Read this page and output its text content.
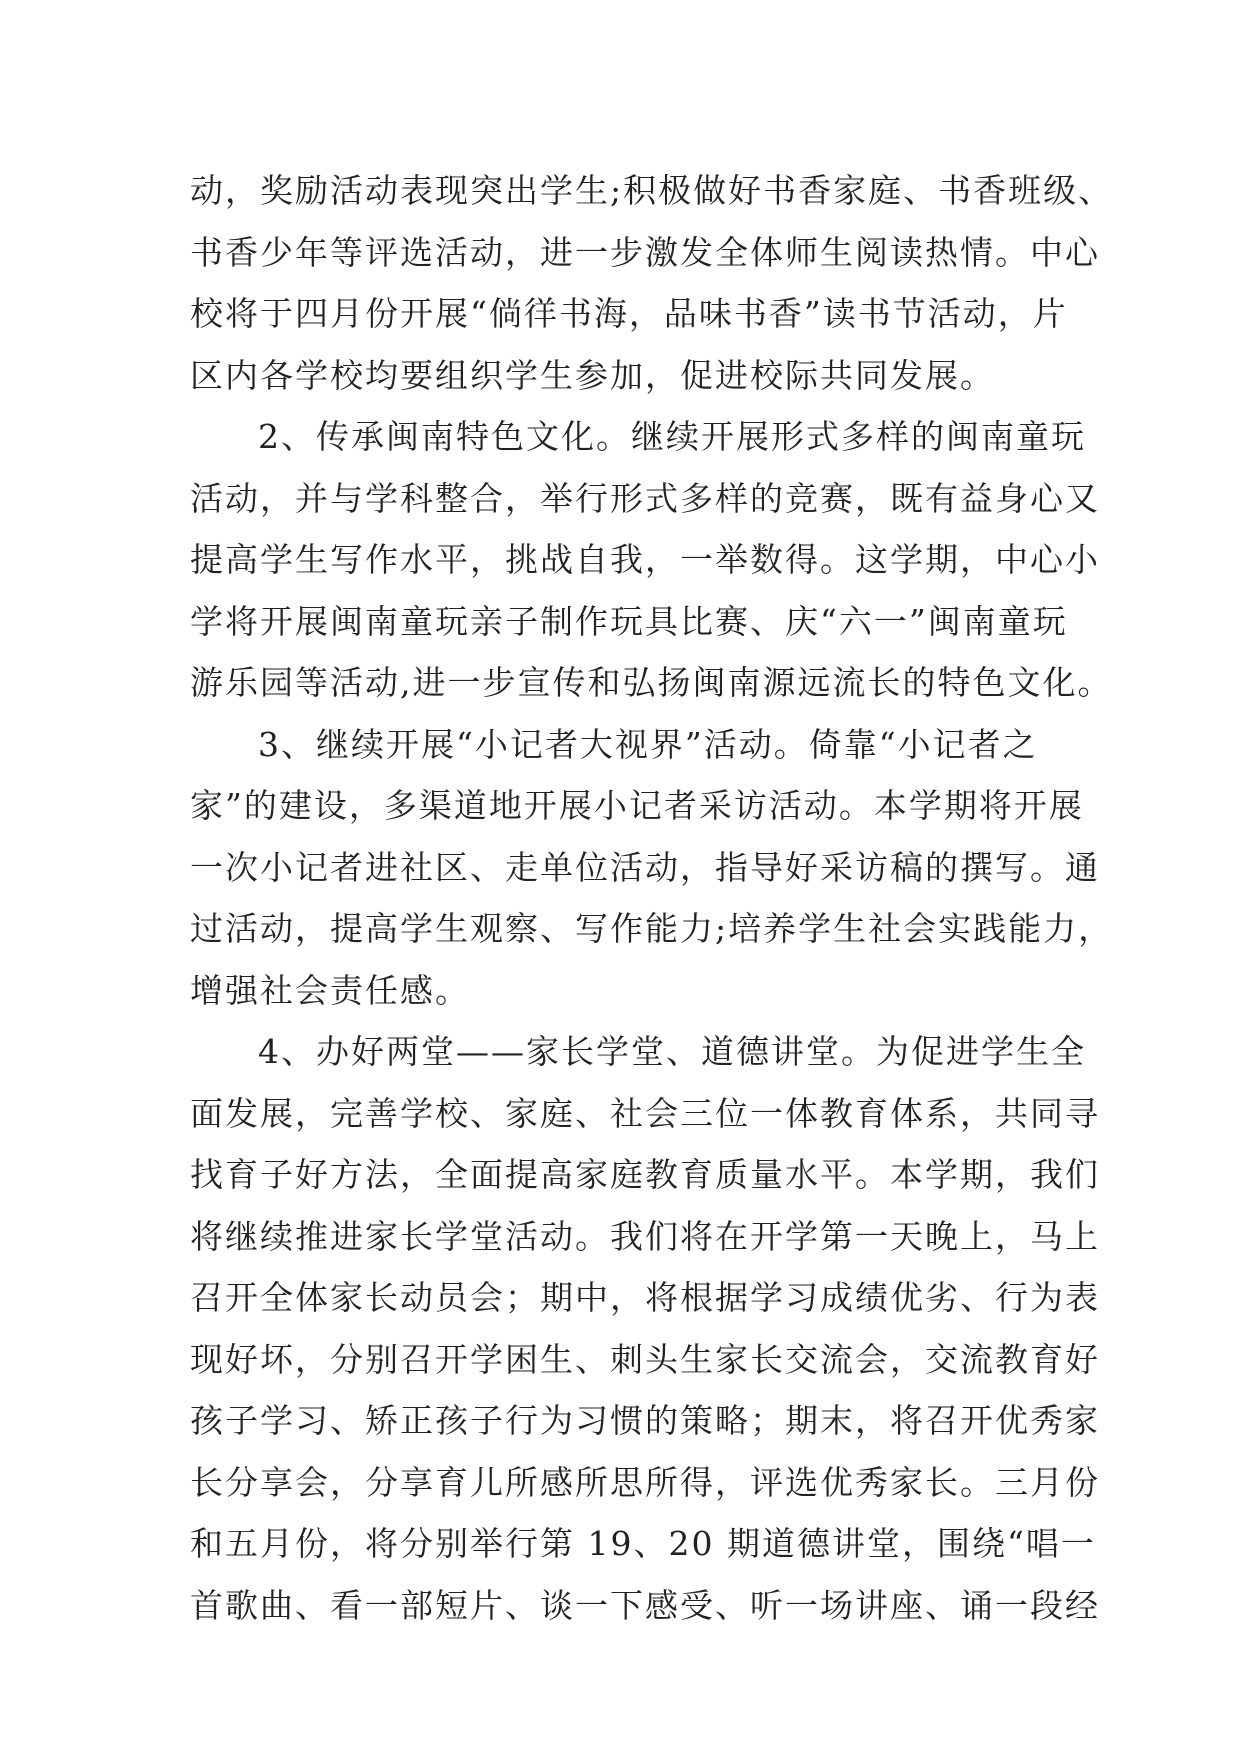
动，奖励活动表现突出学生;积极做好书香家庭、书香班级、
书香少年等评选活动，进一步激发全体师生阅读热情。中心
校将于四月份开展“倘徉书海，品味书香”读书节活动，片
区内各学校均要组织学生参加，促进校际共同发展。
2、传承闽南特色文化。继续开展形式多样的闽南童玩
活动，并与学科整合，举行形式多样的竞赛，既有益身心又
提高学生写作水平，挑战自我，一举数得。这学期，中心小
学将开展闽南童玩亲子制作玩具比赛、庆“六一”闽南童玩
游乐园等活动,进一步宣传和弘扬闽南源远流长的特色文化。
3、继续开展“小记者大视界”活动。倚靠“小记者之
家”的建设，多渠道地开展小记者采访活动。本学期将开展
一次小记者进社区、走单位活动，指导好采访稿的撰写。通
过活动，提高学生观察、写作能力;培养学生社会实践能力，
增强社会责任感。
4、办好两堂——家长学堂、道德讲堂。为促进学生全
面发展，完善学校、家庭、社会三位一体教育体系，共同寻
找育子好方法，全面提高家庭教育质量水平。本学期，我们
将继续推进家长学堂活动。我们将在开学第一天晚上，马上
召开全体家长动员会；期中，将根据学习成绩优劣、行为表
现好坏，分别召开学困生、刺头生家长交流会，交流教育好
孩子学习、矫正孩子行为习惯的策略；期末，将召开优秀家
长分享会，分享育儿所感所思所得，评选优秀家长。三月份
和五月份，将分别举行第 19、20 期道德讲堂，围绕“唱一
首歌曲、看一部短片、谈一下感受、听一场讲座、诵一段经
